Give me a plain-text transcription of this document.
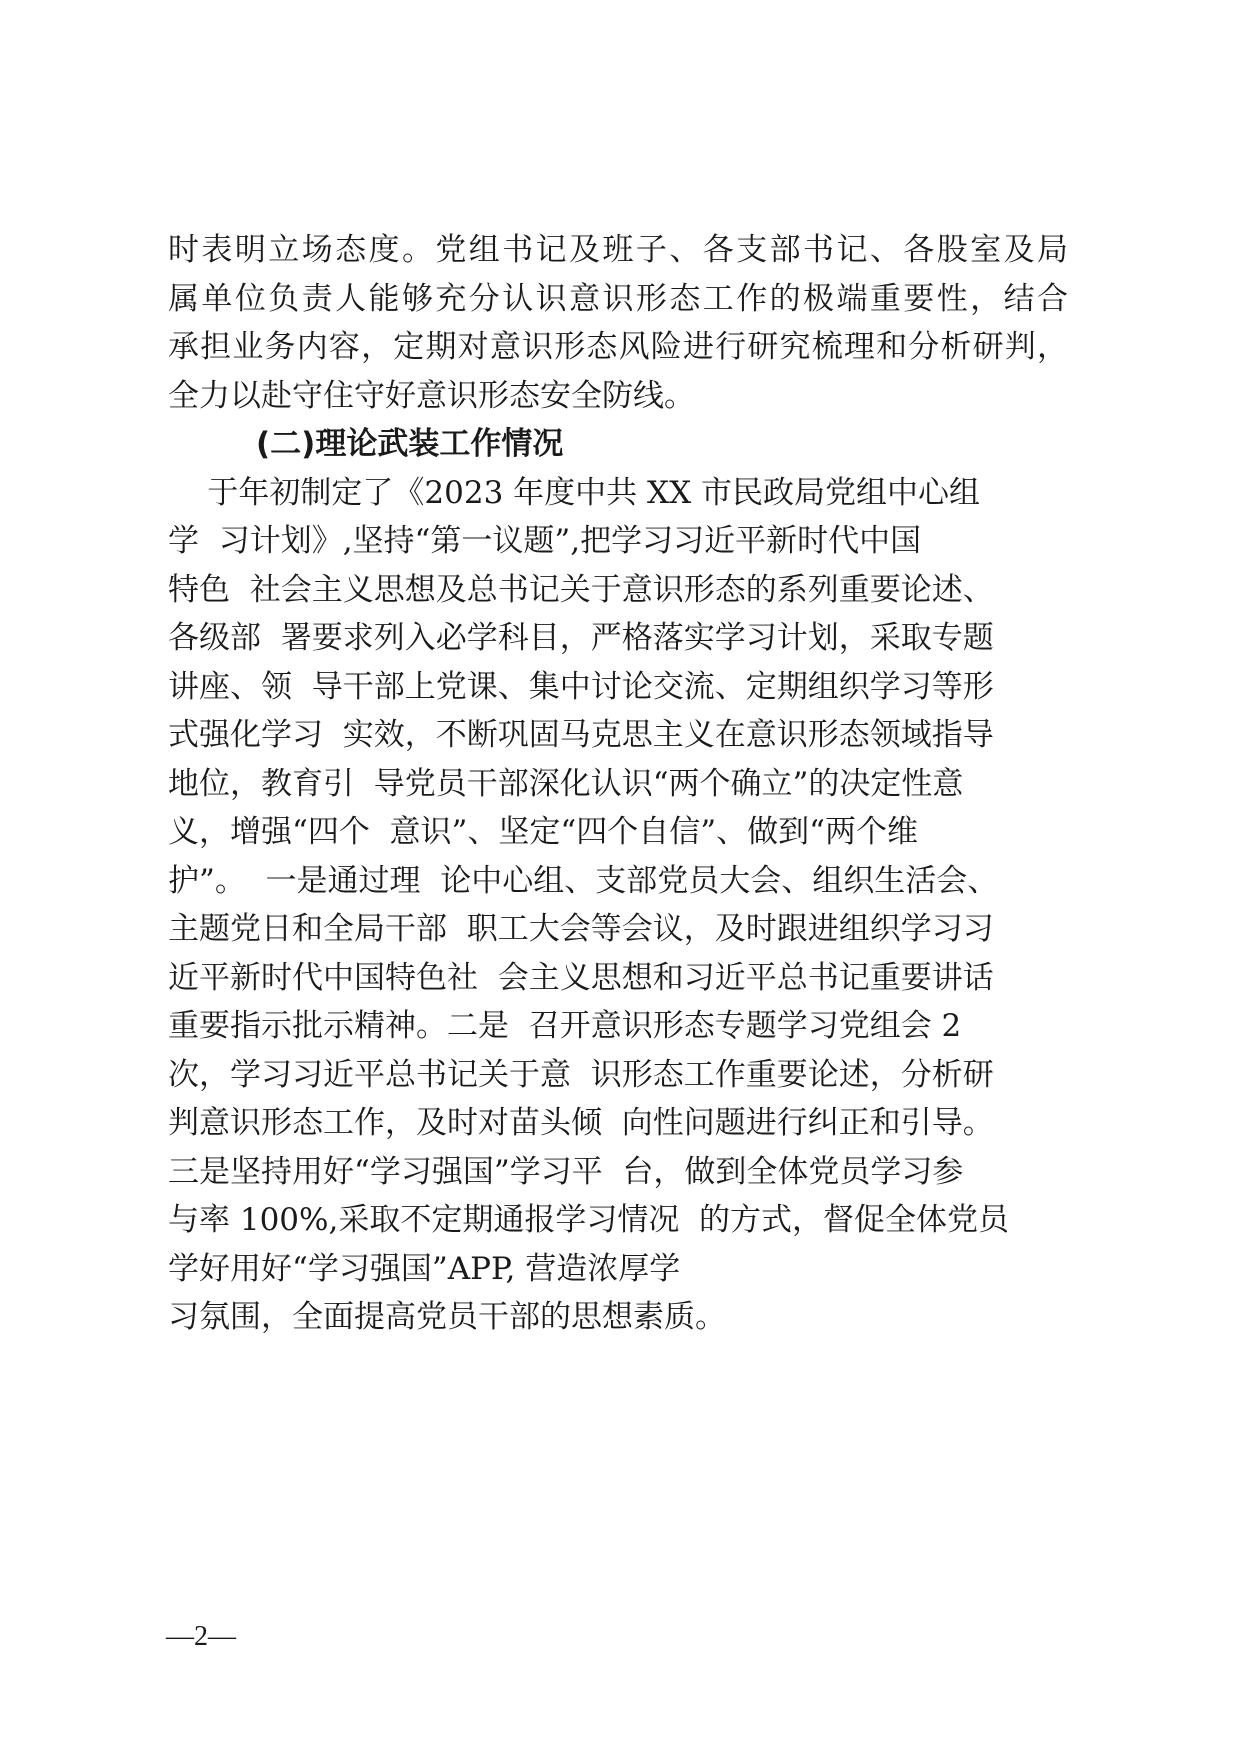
时表明立场态度。党组书记及班子、各支部书记、各股室及局

属单位负责人能够充分认识意识形态工作的极端重要性，结合

承担业务内容，定期对意识形态风险进行研究梳理和分析研判，

全力以赴守住守好意识形态安全防线。

(二)理论武装工作情况

于年初制定了《2023 年度中共 XX 市民政局党组中心组

学  习计划》,坚持“第一议题”,把学习习近平新时代中国

特色  社会主义思想及总书记关于意识形态的系列重要论述、

各级部  署要求列入必学科目，严格落实学习计划，采取专题

讲座、领  导干部上党课、集中讨论交流、定期组织学习等形

式强化学习  实效，不断巩固马克思主义在意识形态领域指导

地位，教育引  导党员干部深化认识“两个确立”的决定性意

义，增强“四个  意识”、坚定“四个自信”、做到“两个维

护”。  一是通过理  论中心组、支部党员大会、组织生活会、

主题党日和全局干部  职工大会等会议，及时跟进组织学习习

近平新时代中国特色社  会主义思想和习近平总书记重要讲话

重要指示批示精神。二是  召开意识形态专题学习党组会 2

次，学习习近平总书记关于意  识形态工作重要论述，分析研

判意识形态工作，及时对苗头倾  向性问题进行纠正和引导。

三是坚持用好“学习强国”学习平  台，做到全体党员学习参

与率 100%,采取不定期通报学习情况  的方式，督促全体党员

学好用好“学习强国”APP, 营造浓厚学

习氛围，全面提高党员干部的思想素质。

—2—
